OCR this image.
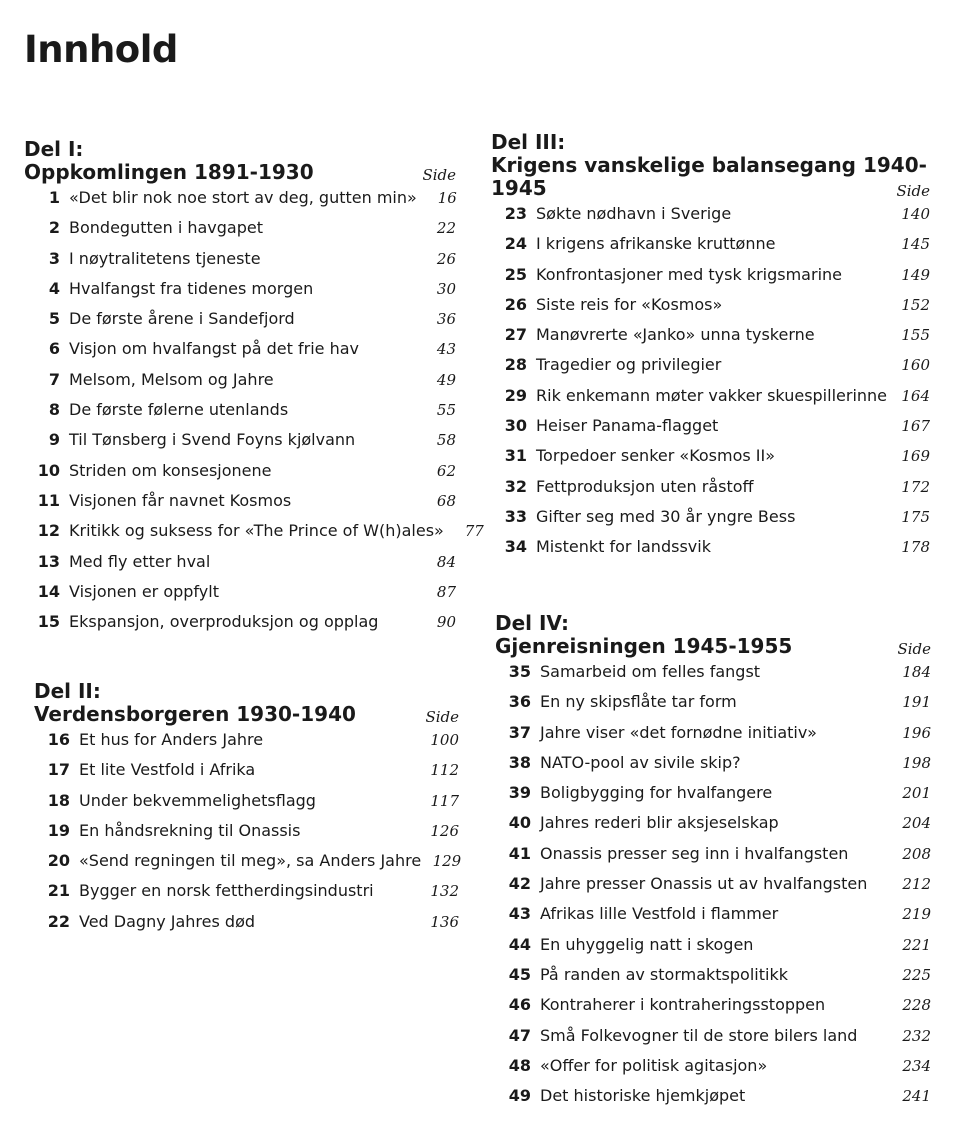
Innhold
Del I:
Oppkomlingen 1891-1930	Side
1 «Det blir nok noe stort av deg, gutten min»	16
2 Bondegutten i havgapet	22
3 I nøytralitetens tjeneste	26
4 Hvalfangst fra tidenes morgen	30
5 De første årene i Sandefjord	36
6 Visjon om hvalfangst på det frie hav	43
7 Melsom, Melsom og Jahre	49
8 De første følerne utenlands	55
9 Til Tønsberg i Svend Foyns kjølvann	58
10 Striden om konsesjonene	62
11 Visjonen får navnet Kosmos	68
12 Kritikk og suksess for «The Prince of W(h)ales»	77
13 Med fly etter hval	84
14 Visjonen er oppfylt	87
15 Ekspansjon, overproduksjon og opplag	90
Del II:
Verdensborgeren 1930-1940	Side
16 Et hus for Anders Jahre	100
17 Et lite Vestfold i Afrika	112
18 Under bekvemmelighetsflagg	117
19 En håndsrekning til Onassis	126
20 «Send regningen til meg», sa Anders Jahre 129
21 Bygger en norsk fettherdingsindustri	132
22 Ved Dagny Jahres død	136
Del III:
Krigens vanskelige balansegang 1940-1945	Side
23 Søkte nødhavn i Sverige	140
24 I krigens afrikanske kruttønne	145
25 Konfrontasjoner med tysk krigsmarine	149
26 Siste reis for «Kosmos»	152
27 Manøvrerte «Janko» unna tyskerne	155
28 Tragedier og privilegier	160
29 Rik enkemann møter vakker skuespillerinne 164
30 Heiser Panama-flagget	167
31 Torpedoer senker «Kosmos II»	169
32 Fettproduksjon uten råstoff	172
33 Gifter seg med 30 år yngre Bess	175
34 Mistenkt for landssvik	178
Del IV:
Gjenreisningen 1945-1955	Side
35 Samarbeid om felles fangst	184
36 En ny skipsflåte tar form	191
37 Jahre viser «det fornødne initiativ»	196
38 NATO-pool av sivile skip?	198
39 Boligbygging for hvalfangere	201
40 Jahres rederi blir aksjeselskap	204
41 Onassis presser seg inn i hvalfangsten	208
42 Jahre presser Onassis ut av hvalfangsten	212
43 Afrikas lille Vestfold i flammer	219
44 En uhyggelig natt i skogen	221
45 På randen av stormaktspolitikk	225
46 Kontraherer i kontraheringsstoppen	228
47 Små Folkevogner til de store bilers land	232
48 «Offer for politisk agitasjon»	234
49 Det historiske hjemkjøpet	241
